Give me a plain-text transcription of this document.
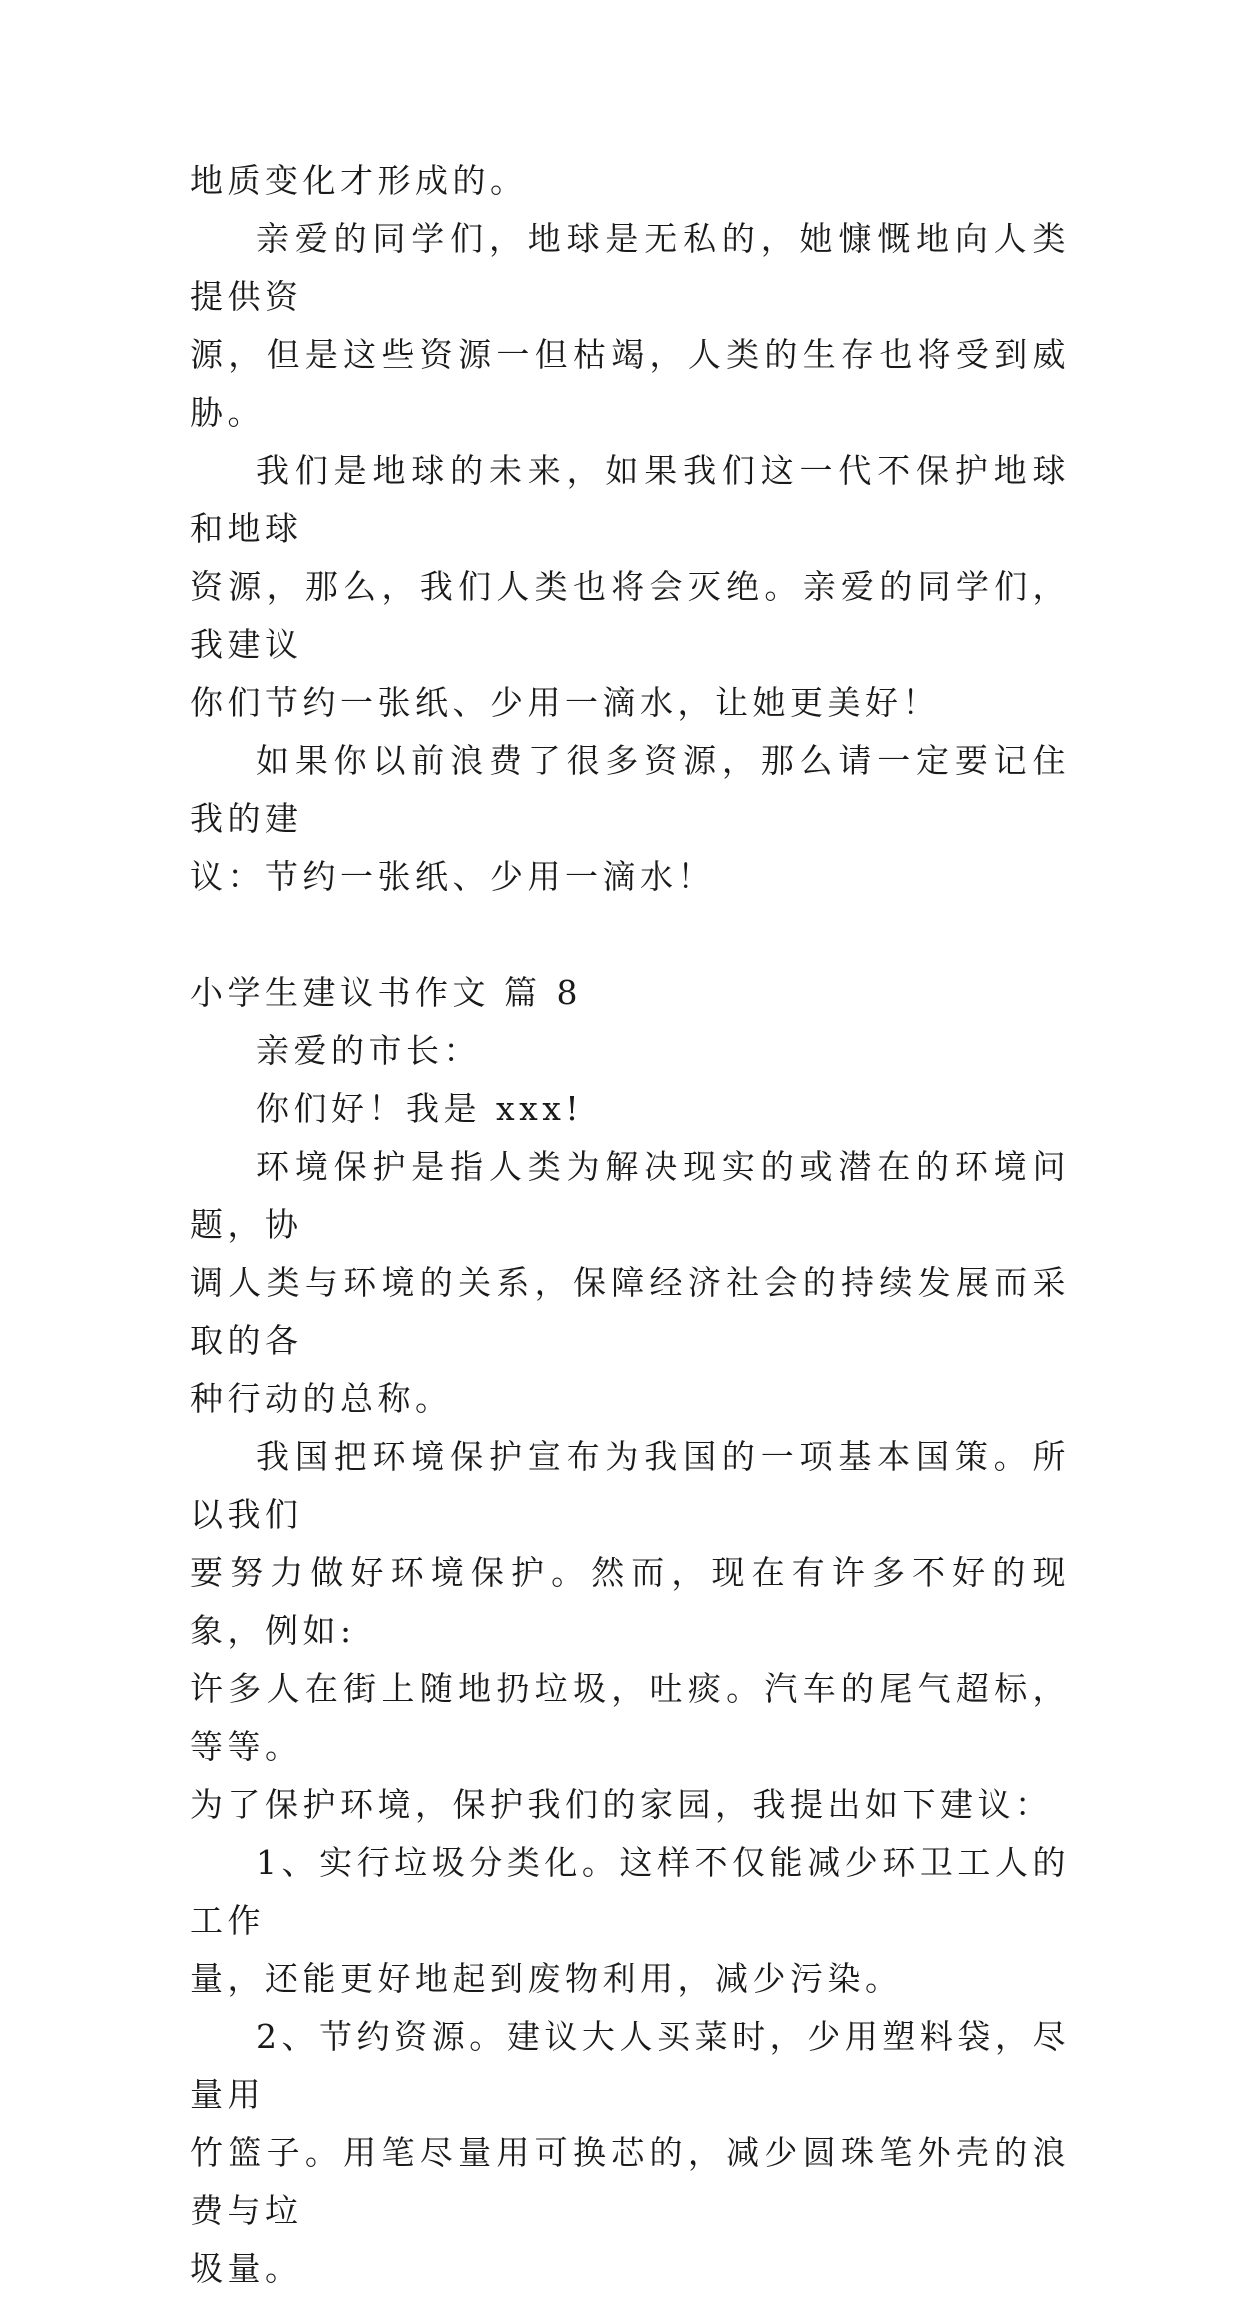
地质变化才形成的。

亲爱的同学们，地球是无私的，她慷慨地向人类提供资
源，但是这些资源一但枯竭，人类的生存也将受到威胁。

我们是地球的未来，如果我们这一代不保护地球和地球
资源，那么，我们人类也将会灭绝。亲爱的同学们，我建议
你们节约一张纸、少用一滴水，让她更美好！

如果你以前浪费了很多资源，那么请一定要记住我的建
议：节约一张纸、少用一滴水！

小学生建议书作文 篇 8

亲爱的市长：

你们好！我是 xxx!

环境保护是指人类为解决现实的或潜在的环境问题，协
调人类与环境的关系，保障经济社会的持续发展而采取的各
种行动的总称。

我国把环境保护宣布为我国的一项基本国策。所以我们
要努力做好环境保护。然而，现在有许多不好的现象，例如:
许多人在街上随地扔垃圾，吐痰。汽车的尾气超标，等等。
为了保护环境，保护我们的家园，我提出如下建议：

1、实行垃圾分类化。这样不仅能减少环卫工人的工作
量，还能更好地起到废物利用，减少污染。

2、节约资源。建议大人买菜时，少用塑料袋，尽量用
竹篮子。用笔尽量用可换芯的，减少圆珠笔外壳的浪费与垃
圾量。
